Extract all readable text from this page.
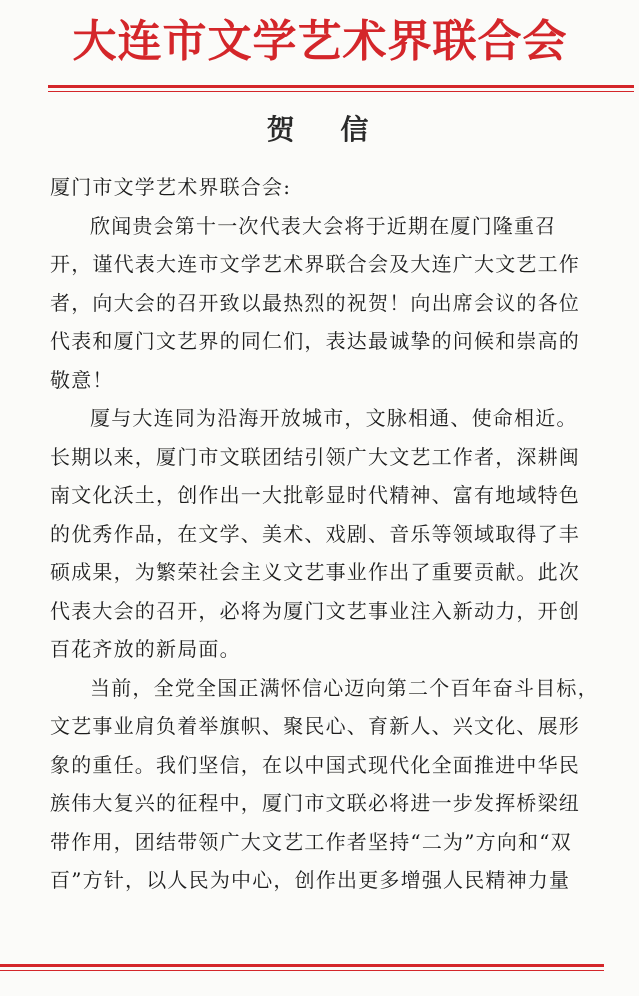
大连市文学艺术界联合会
贺 信

厦门市文学艺术界联合会:

欣闻贵会第十一次代表大会将于近期在厦门隆重召
开，谨代表大连市文学艺术界联合会及大连广大文艺工作
者，向大会的召开致以最热烈的祝贺！向出席会议的各位
代表和厦门文艺界的同仁们，表达最诚挚的问候和崇高的
敬意！
厦与大连同为沿海开放城市，文脉相通、使命相近。
长期以来，厦门市文联团结引领广大文艺工作者，深耕闽
南文化沃土，创作出一大批彰显时代精神、富有地域特色
的优秀作品，在文学、美术、戏剧、音乐等领域取得了丰
硕成果，为繁荣社会主义文艺事业作出了重要贡献。此次
代表大会的召开，必将为厦门文艺事业注入新动力，开创
百花齐放的新局面。
当前，全党全国正满怀信心迈向第二个百年奋斗目标，
文艺事业肩负着举旗帜、聚民心、育新人、兴文化、展形
象的重任。我们坚信，在以中国式现代化全面推进中华民
族伟大复兴的征程中，厦门市文联必将进一步发挥桥梁纽
带作用，团结带领广大文艺工作者坚持“二为”方向和“双
百”方针，以人民为中心，创作出更多增强人民精神力量
